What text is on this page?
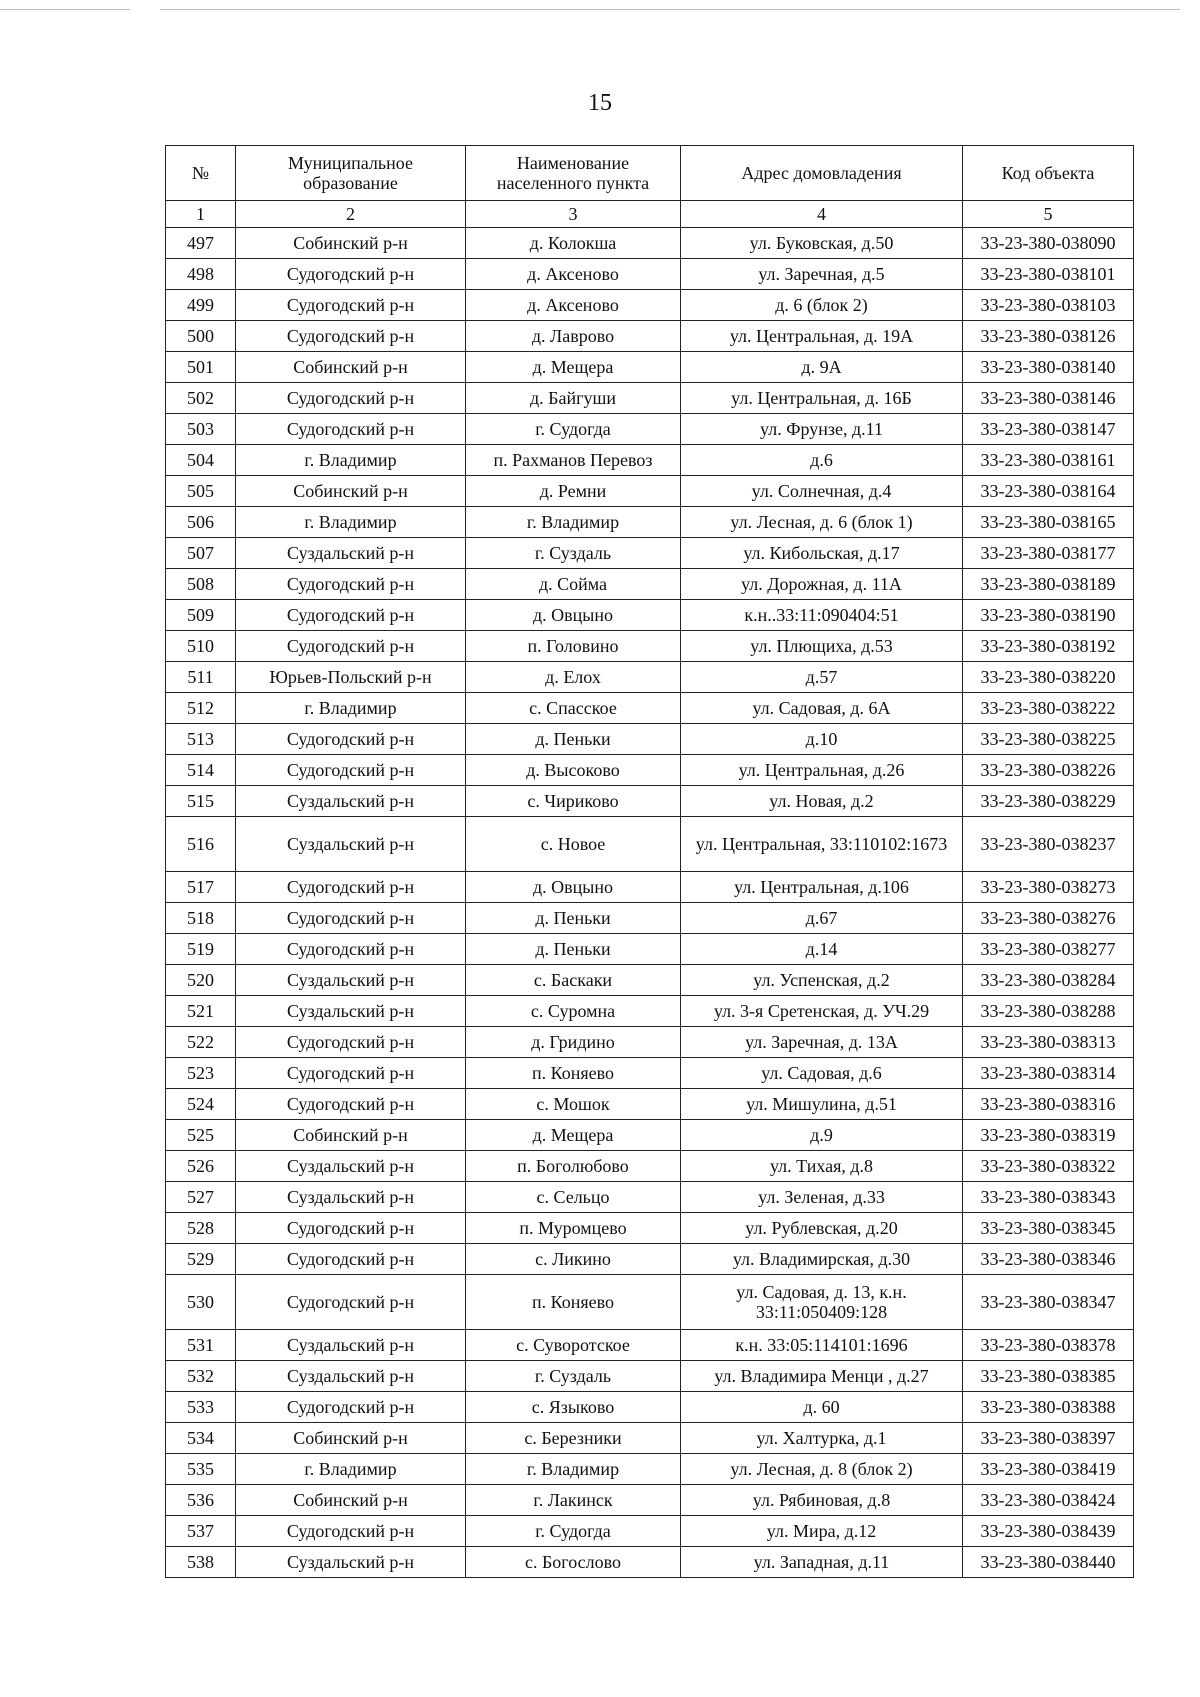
15
№	Муниципальное образование	Наименование населенного пункта	Адрес домовладения	Код объекта
1	2	3	4	5
497	Собинский р-н	д. Колокша	ул. Буковская, д.50	33-23-380-038090
498	Судогодский р-н	д. Аксеново	ул. Заречная, д.5	33-23-380-038101
499	Судогодский р-н	д. Аксеново	д. 6 (блок 2)	33-23-380-038103
500	Судогодский р-н	д. Лаврово	ул. Центральная, д. 19А	33-23-380-038126
501	Собинский р-н	д. Мещера	д. 9А	33-23-380-038140
502	Судогодский р-н	д. Байгуши	ул. Центральная, д. 16Б	33-23-380-038146
503	Судогодский р-н	г. Судогда	ул. Фрунзе, д.11	33-23-380-038147
504	г. Владимир	п. Рахманов Перевоз	д.6	33-23-380-038161
505	Собинский р-н	д. Ремни	ул. Солнечная, д.4	33-23-380-038164
506	г. Владимир	г. Владимир	ул. Лесная, д. 6 (блок 1)	33-23-380-038165
507	Суздальский р-н	г. Суздаль	ул. Кибольская, д.17	33-23-380-038177
508	Судогодский р-н	д. Сойма	ул. Дорожная, д. 11А	33-23-380-038189
509	Судогодский р-н	д. Овцыно	к.н..33:11:090404:51	33-23-380-038190
510	Судогодский р-н	п. Головино	ул. Плющиха, д.53	33-23-380-038192
511	Юрьев-Польский р-н	д. Елох	д.57	33-23-380-038220
512	г. Владимир	с. Спасское	ул. Садовая, д. 6А	33-23-380-038222
513	Судогодский р-н	д. Пеньки	д.10	33-23-380-038225
514	Судогодский р-н	д. Высоково	ул. Центральная, д.26	33-23-380-038226
515	Суздальский р-н	с. Чириково	ул. Новая, д.2	33-23-380-038229
516	Суздальский р-н	с. Новое	ул. Центральная, 33:110102:1673	33-23-380-038237
517	Судогодский р-н	д. Овцыно	ул. Центральная, д.106	33-23-380-038273
518	Судогодский р-н	д. Пеньки	д.67	33-23-380-038276
519	Судогодский р-н	д. Пеньки	д.14	33-23-380-038277
520	Суздальский р-н	с. Баскаки	ул. Успенская, д.2	33-23-380-038284
521	Суздальский р-н	с. Суромна	ул. 3-я Сретенская, д. УЧ.29	33-23-380-038288
522	Судогодский р-н	д. Гридино	ул. Заречная, д. 13А	33-23-380-038313
523	Судогодский р-н	п. Коняево	ул. Садовая, д.6	33-23-380-038314
524	Судогодский р-н	с. Мошок	ул. Мишулина, д.51	33-23-380-038316
525	Собинский р-н	д. Мещера	д.9	33-23-380-038319
526	Суздальский р-н	п. Боголюбово	ул. Тихая, д.8	33-23-380-038322
527	Суздальский р-н	с. Сельцо	ул. Зеленая, д.33	33-23-380-038343
528	Судогодский р-н	п. Муромцево	ул. Рублевская, д.20	33-23-380-038345
529	Судогодский р-н	с. Ликино	ул. Владимирская, д.30	33-23-380-038346
530	Судогодский р-н	п. Коняево	ул. Садовая, д. 13, к.н. 33:11:050409:128	33-23-380-038347
531	Суздальский р-н	с. Суворотское	к.н. 33:05:114101:1696	33-23-380-038378
532	Суздальский р-н	г. Суздаль	ул. Владимира Менци , д.27	33-23-380-038385
533	Судогодский р-н	с. Языково	д. 60	33-23-380-038388
534	Собинский р-н	с. Березники	ул. Халтурка, д.1	33-23-380-038397
535	г. Владимир	г. Владимир	ул. Лесная, д. 8 (блок 2)	33-23-380-038419
536	Собинский р-н	г. Лакинск	ул. Рябиновая, д.8	33-23-380-038424
537	Судогодский р-н	г. Судогда	ул. Мира, д.12	33-23-380-038439
538	Суздальский р-н	с. Богослово	ул. Западная, д.11	33-23-380-038440
